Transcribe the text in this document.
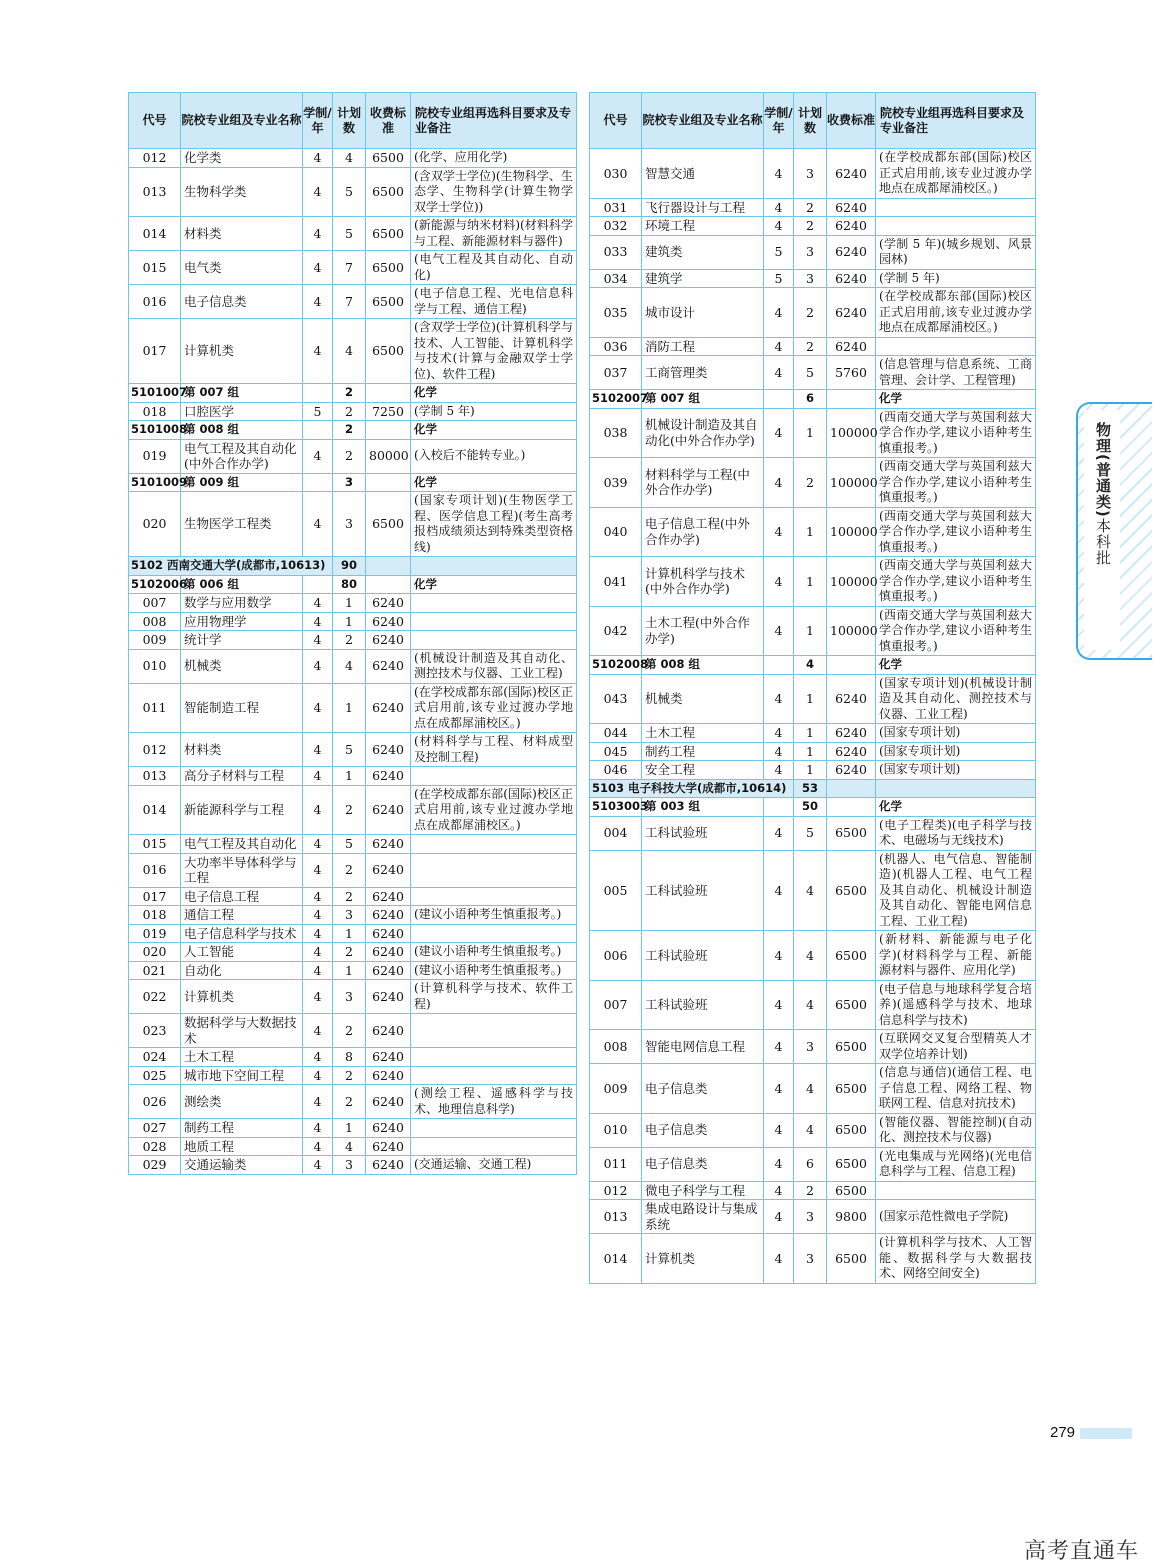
代号	院校专业组及专业名称	学制/年	计划数	收费标准	院校专业组再选科目要求及专业备注
012	化学类	4	4	6500	(化学、应用化学)
013	生物科学类	4	5	6500	(含双学士学位)(生物科学、生态学、生物科学(计算生物学双学士学位))
014	材料类	4	5	6500	(新能源与纳米材料)(材料科学与工程、新能源材料与器件)
015	电气类	4	7	6500	(电气工程及其自动化、自动化)
016	电子信息类	4	7	6500	(电子信息工程、光电信息科学与工程、通信工程)
017	计算机类	4	4	6500	(含双学士学位)(计算机科学与技术、人工智能、计算机科学与技术(计算与金融双学士学位)、软件工程)
5101007	第 007 组		2		化学
018	口腔医学	5	2	7250	(学制 5 年)
5101008	第 008 组		2		化学
019	电气工程及其自动化(中外合作办学)	4	2	80000	(入校后不能转专业。)
5101009	第 009 组		3		化学
020	生物医学工程类	4	3	6500	(国家专项计划)(生物医学工程、医学信息工程)(考生高考报档成绩须达到特殊类型资格线)
5102 西南交通大学(成都市,10613)			90		
5102006	第 006 组		80		化学
007	数学与应用数学	4	1	6240	
008	应用物理学	4	1	6240	
009	统计学	4	2	6240	
010	机械类	4	4	6240	(机械设计制造及其自动化、测控技术与仪器、工业工程)
011	智能制造工程	4	1	6240	(在学校成都东部(国际)校区正式启用前,该专业过渡办学地点在成都犀浦校区。)
012	材料类	4	5	6240	(材料科学与工程、材料成型及控制工程)
013	高分子材料与工程	4	1	6240	
014	新能源科学与工程	4	2	6240	(在学校成都东部(国际)校区正式启用前,该专业过渡办学地点在成都犀浦校区。)
015	电气工程及其自动化	4	5	6240	
016	大功率半导体科学与工程	4	2	6240	
017	电子信息工程	4	2	6240	
018	通信工程	4	3	6240	(建议小语种考生慎重报考。)
019	电子信息科学与技术	4	1	6240	
020	人工智能	4	2	6240	(建议小语种考生慎重报考。)
021	自动化	4	1	6240	(建议小语种考生慎重报考。)
022	计算机类	4	3	6240	(计算机科学与技术、软件工程)
023	数据科学与大数据技术	4	2	6240	
024	土木工程	4	8	6240	
025	城市地下空间工程	4	2	6240	
026	测绘类	4	2	6240	(测绘工程、遥感科学与技术、地理信息科学)
027	制药工程	4	1	6240	
028	地质工程	4	4	6240	
029	交通运输类	4	3	6240	(交通运输、交通工程)
代号	院校专业组及专业名称	学制/年	计划数	收费标准	院校专业组再选科目要求及专业备注
030	智慧交通	4	3	6240	(在学校成都东部(国际)校区正式启用前,该专业过渡办学地点在成都犀浦校区。)
031	飞行器设计与工程	4	2	6240	
032	环境工程	4	2	6240	
033	建筑类	5	3	6240	(学制 5 年)(城乡规划、风景园林)
034	建筑学	5	3	6240	(学制 5 年)
035	城市设计	4	2	6240	(在学校成都东部(国际)校区正式启用前,该专业过渡办学地点在成都犀浦校区。)
036	消防工程	4	2	6240	
037	工商管理类	4	5	5760	(信息管理与信息系统、工商管理、会计学、工程管理)
5102007	第 007 组		6		化学
038	机械设计制造及其自动化(中外合作办学)	4	1	100000	(西南交通大学与英国利兹大学合作办学,建议小语种考生慎重报考。)
039	材料科学与工程(中外合作办学)	4	2	100000	(西南交通大学与英国利兹大学合作办学,建议小语种考生慎重报考。)
040	电子信息工程(中外合作办学)	4	1	100000	(西南交通大学与英国利兹大学合作办学,建议小语种考生慎重报考。)
041	计算机科学与技术(中外合作办学)	4	1	100000	(西南交通大学与英国利兹大学合作办学,建议小语种考生慎重报考。)
042	土木工程(中外合作办学)	4	1	100000	(西南交通大学与英国利兹大学合作办学,建议小语种考生慎重报考。)
5102008	第 008 组		4		化学
043	机械类	4	1	6240	(国家专项计划)(机械设计制造及其自动化、测控技术与仪器、工业工程)
044	土木工程	4	1	6240	(国家专项计划)
045	制药工程	4	1	6240	(国家专项计划)
046	安全工程	4	1	6240	(国家专项计划)
5103 电子科技大学(成都市,10614)			53		
5103003	第 003 组		50		化学
004	工科试验班	4	5	6500	(电子工程类)(电子科学与技术、电磁场与无线技术)
005	工科试验班	4	4	6500	(机器人、电气信息、智能制造)(机器人工程、电气工程及其自动化、机械设计制造及其自动化、智能电网信息工程、工业工程)
006	工科试验班	4	4	6500	(新材料、新能源与电子化学)(材料科学与工程、新能源材料与器件、应用化学)
007	工科试验班	4	4	6500	(电子信息与地球科学复合培养)(遥感科学与技术、地球信息科学与技术)
008	智能电网信息工程	4	3	6500	(互联网交叉复合型精英人才双学位培养计划)
009	电子信息类	4	4	6500	(信息与通信)(通信工程、电子信息工程、网络工程、物联网工程、信息对抗技术)
010	电子信息类	4	4	6500	(智能仪器、智能控制)(自动化、测控技术与仪器)
011	电子信息类	4	6	6500	(光电集成与光网络)(光电信息科学与工程、信息工程)
012	微电子科学与工程	4	2	6500	
013	集成电路设计与集成系统	4	3	9800	(国家示范性微电子学院)
014	计算机类	4	3	6500	(计算机科学与技术、人工智能、数据科学与大数据技术、网络空间安全)
物理(普通类)本科批
279
高考直通车
